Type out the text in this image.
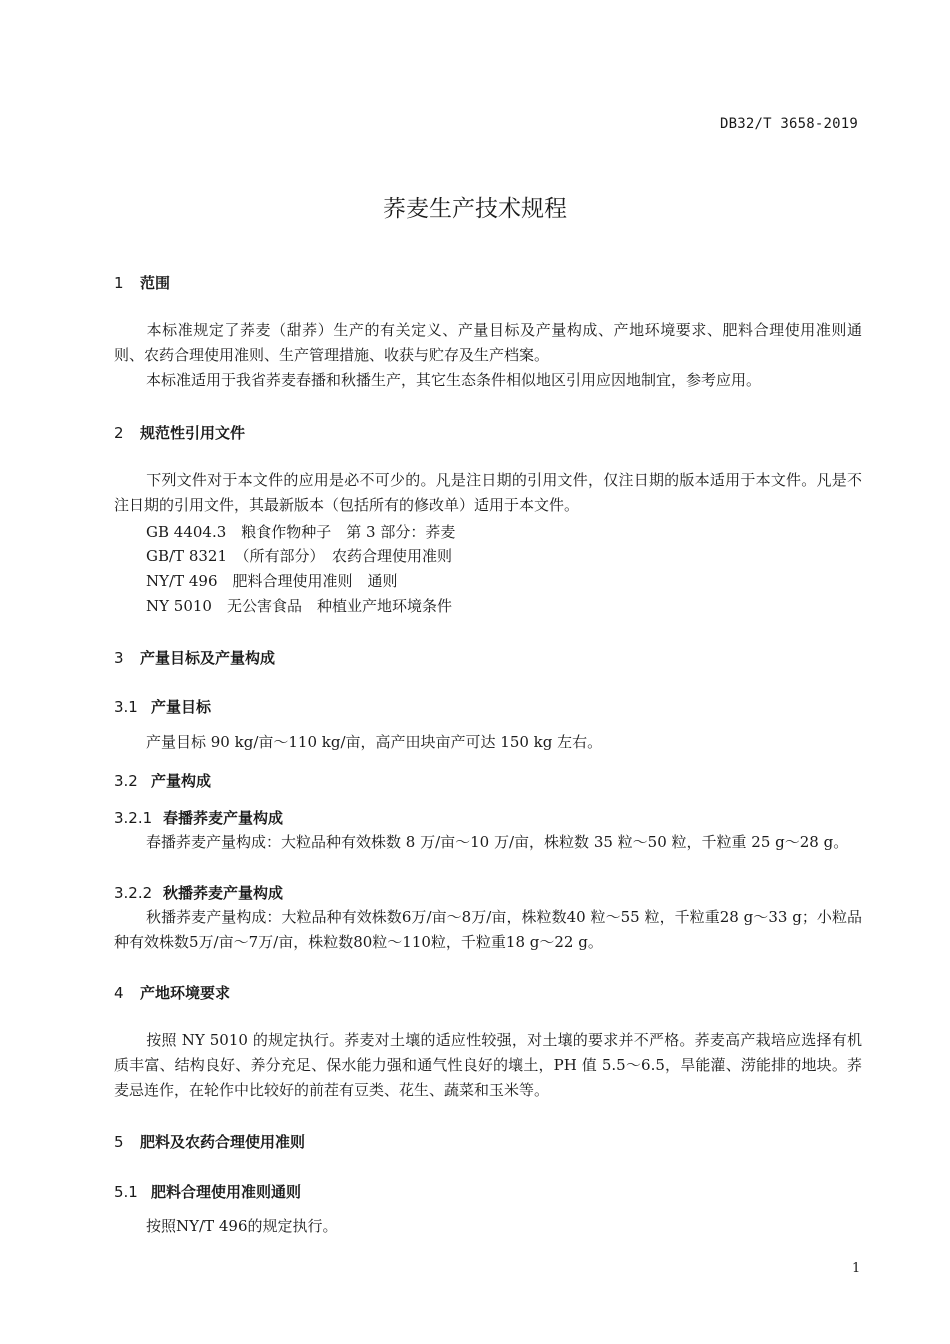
DB32/T 3658-2019
荞麦生产技术规程
1 范围
本标准规定了荞麦（甜荞）生产的有关定义、产量目标及产量构成、产地环境要求、肥料合理使用准则通则、农药合理使用准则、生产管理措施、收获与贮存及生产档案。
本标准适用于我省荞麦春播和秋播生产，其它生态条件相似地区引用应因地制宜，参考应用。
2 规范性引用文件
下列文件对于本文件的应用是必不可少的。凡是注日期的引用文件，仅注日期的版本适用于本文件。凡是不注日期的引用文件，其最新版本（包括所有的修改单）适用于本文件。
GB 4404.3　粮食作物种子　第 3 部分：荞麦
GB/T 8321　（所有部分）　农药合理使用准则
NY/T 496　肥料合理使用准则　通则
NY 5010　无公害食品　种植业产地环境条件
3 产量目标及产量构成
3.1 产量目标
产量目标 90 kg/亩～110 kg/亩，高产田块亩产可达 150 kg 左右。
3.2 产量构成
3.2.1 春播荞麦产量构成
春播荞麦产量构成：大粒品种有效株数 8 万/亩～10 万/亩，株粒数 35 粒～50 粒，千粒重 25 g～28 g。
3.2.2 秋播荞麦产量构成
秋播荞麦产量构成：大粒品种有效株数6万/亩～8万/亩，株粒数40 粒～55 粒，千粒重28 g～33 g；小粒品种有效株数5万/亩～7万/亩，株粒数80粒～110粒，千粒重18 g～22 g。
4 产地环境要求
按照 NY 5010 的规定执行。荞麦对土壤的适应性较强，对土壤的要求并不严格。荞麦高产栽培应选择有机质丰富、结构良好、养分充足、保水能力强和通气性良好的壤土，PH 值 5.5～6.5，旱能灌、涝能排的地块。荞麦忌连作，在轮作中比较好的前茬有豆类、花生、蔬菜和玉米等。
5 肥料及农药合理使用准则
5.1 肥料合理使用准则通则
按照NY/T 496的规定执行。
1
